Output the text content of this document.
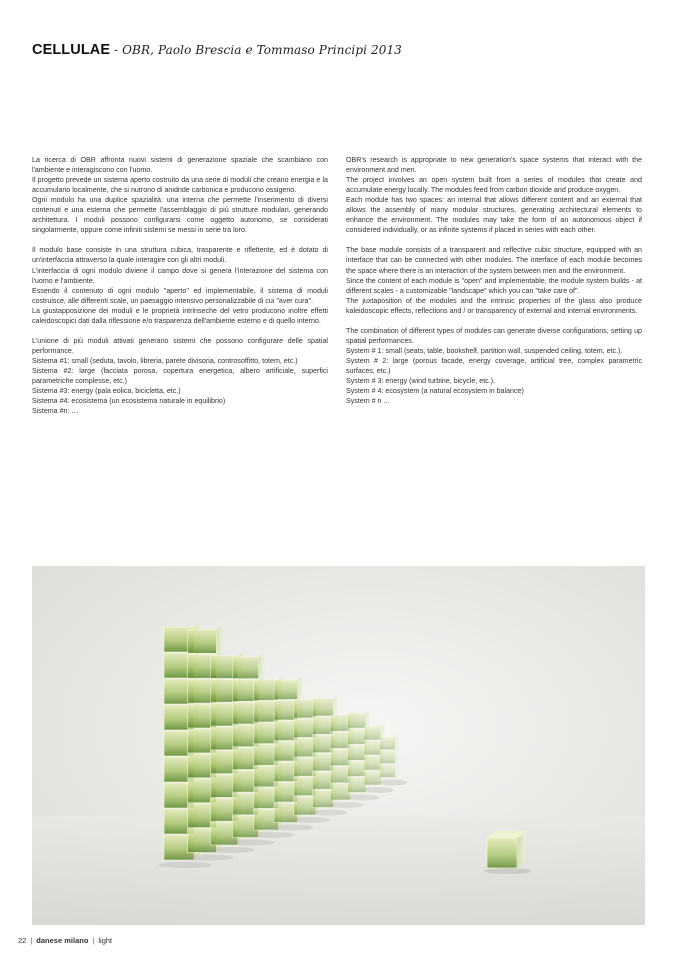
CELLULAE - OBR, Paolo Brescia e Tommaso Principi 2013

La ricerca di OBR affronta nuovi sistemi di generazione spaziale che scambiano con l'ambiente e interagiscono con l'uomo.
Il progetto prevede un sistema aperto costruito da una serie di moduli che creano energia e la accumulano localmente, che si nutrono di anidride carbonica e producono ossigeno.
Ogni modulo ha una duplice spazialità: una interna che permette l'inserimento di diversi contenuti e una esterna che permette l'assemblaggio di più strutture modulari, generando architettura. I moduli possono configurarsi come oggetto autonomo, se considerati singolarmente, oppure come infiniti sistemi se messi in serie tra loro.

Il modulo base consiste in una struttura cubica, trasparente e riflettente, ed è dotato di un'interfaccia attraverso la quale interagire con gli altri moduli.
L'interfaccia di ogni modulo diviene il campo dove si genera l'interazione del sistema con l'uomo e l'ambiente.
Essendo il contenuto di ogni modulo "aperto" ed implementabile, il sistema di moduli costruisce, alle differenti scale, un paesaggio intensivo personalizzabile di cui "aver cura".
La giustapposizione dei moduli e le proprietà intrinseche del vetro producono inoltre effetti caleidoscopici dati dalla riflessione e/o trasparenza dell'ambiente esterno e di quello interno.

L'unione di più moduli attivati generano sistemi che possono configurare delle spatial performance.
Sistema #1: small (seduta, tavolo, libreria, parete divisoria, controsoffitto, totem, etc.)
Sistema #2: large (facciata porosa, copertura energetica, albero artificiale, superfici parametriche complesse, etc.)
Sistema #3: energy (pala eolica, bicicletta, etc.)
Sistema #4: ecosistema (un ecosistema naturale in equilibrio)
Sistema #n: …

OBR's research is appropriate to new generation's space systems that interact with the environment and men.
The project involves an open system built from a series of modules that create and accumulate energy locally. The modules feed from carbon dioxide and produce oxygen.
Each module has two spaces: an internal that allows different content and an external that allows the assembly of many modular structures, generating architectural elements to enhance the environment. The modules may take the form of an autonomous object if considered individually, or as infinite systems if placed in series with each other.

The base module consists of a transparent and reflective cubic structure, equipped with an interface that can be connected with other modules. The interface of each module becomes the space where there is an interaction of the system between men and the environment.
Since the content of each module is "open" and implementable, the module system builds - at different scales - a customizable "landscape" which you can "take care of".
The juxtaposition of the modules and the intrinsic properties of the glass also produce kaleidoscopic effects, reflections and / or transparency of external and internal environments.

The combination of different types of modules can generate diverse configurations, setting up spatial performances.
System # 1: small (seats, table, bookshelf, partition wall, suspended ceiling, totem, etc.).
System # 2: large (porous facade, energy coverage, artificial tree, complex parametric surfaces, etc.)
System # 3: energy (wind turbine, bicycle, etc.).
System # 4: ecosystem (a natural ecosystem in balance)
System # n ...

22 | danese milano | light
